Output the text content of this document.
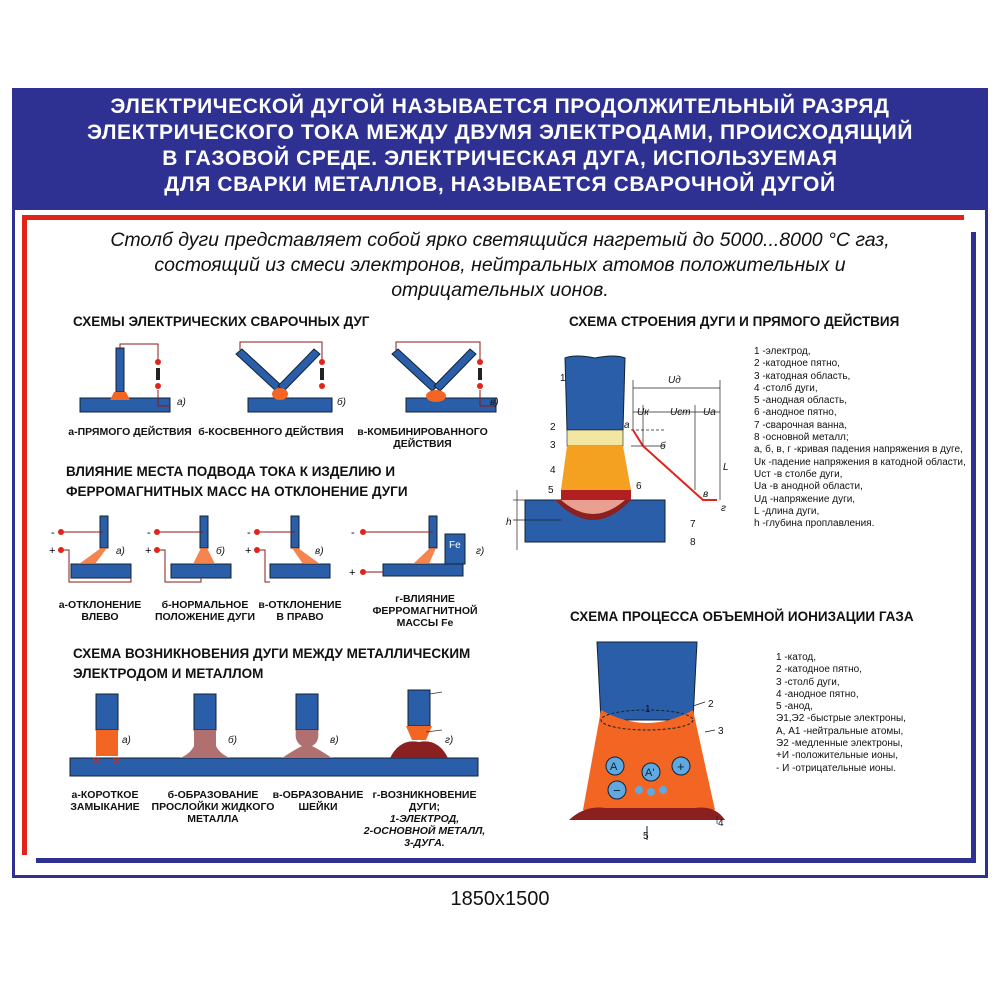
ЭЛЕКТРИЧЕСКОЙ ДУГОЙ НАЗЫВАЕТСЯ ПРОДОЛЖИТЕЛЬНЫЙ РАЗРЯД
ЭЛЕКТРИЧЕСКОГО ТОКА МЕЖДУ ДВУМЯ ЭЛЕКТРОДАМИ, ПРОИСХОДЯЩИЙ
В ГАЗОВОЙ СРЕДЕ. ЭЛЕКТРИЧЕСКАЯ ДУГА, ИСПОЛЬЗУЕМАЯ
ДЛЯ СВАРКИ МЕТАЛЛОВ, НАЗЫВАЕТСЯ СВАРОЧНОЙ ДУГОЙ
Столб дуги представляет собой ярко светящийся нагретый до 5000...8000 °С газ,
состоящий из смеси электронов, нейтральных атомов положительных и
отрицательных ионов.
СХЕМЫ ЭЛЕКТРИЧЕСКИХ СВАРОЧНЫХ ДУГ
а)	б)	в)
а-ПРЯМОГО ДЕЙСТВИЯ б-КОСВЕННОГО ДЕЙСТВИЯ в-КОМБИНИРОВАННОГО
ДЕЙСТВИЯ
ВЛИЯНИЕ МЕСТА ПОДВОДА ТОКА К ИЗДЕЛИЮ И
ФЕРРОМАГНИТНЫХ МАСС НА ОТКЛОНЕНИЕ ДУГИ
-
+
-
+
-
+
-
+
а)	б)	в)	г)
Fe
а-ОТКЛОНЕНИЕ
ВЛЕВО
б-НОРМАЛЬНОЕ
ПОЛОЖЕНИЕ ДУГИ
в-ОТКЛОНЕНИЕ
В ПРАВО
г-ВЛИЯНИЕ
ФЕРРОМАГНИТНОЙ
МАССЫ Fe
СХЕМА ВОЗНИКНОВЕНИЯ ДУГИ МЕЖДУ МЕТАЛЛИЧЕСКИМ
ЭЛЕКТРОДОМ И МЕТАЛЛОМ
✕ ✕
а)	б)	в)	г)
а-КОРОТКОЕ
ЗАМЫКАНИЕ
б-ОБРАЗОВАНИЕ
ПРОСЛОЙКИ ЖИДКОГО
МЕТАЛЛА
в-ОБРАЗОВАНИЕ
ШЕЙКИ
г-ВОЗНИКНОВЕНИЕ
ДУГИ;
1-ЭЛЕКТРОД,
2-ОСНОВНОЙ МЕТАЛЛ,
3-ДУГА.
СХЕМА СТРОЕНИЯ ДУГИ И ПРЯМОГО ДЕЙСТВИЯ
1
2
3
4
5	6
7
8
а
б
в
г
Uд
Uк Uст Uа
L
h
1 -электрод,
2 -катодное пятно,
3 -катодная область,
4 -столб дуги,
5 -анодная область,
6 -анодное пятно,
7 -сварочная ванна,
8 -основной металл;
а, б, в, г -кривая падения напряжения в дуге,
Uк -падение напряжения в катодной области,
Uст -в столбе дуги,
Uа -в анодной области,
Uд -напряжение дуги,
L -длина дуги,
h -глубина проплавления.
СХЕМА ПРОЦЕССА ОБЪЕМНОЙ ИОНИЗАЦИИ ГАЗА
A	A' +
−
1	2
3
4
5
1 -катод,
2 -катодное пятно,
3 -столб дуги,
4 -анодное пятно,
5 -анод,
Э1,Э2 -быстрые электроны,
А, А1 -нейтральные атомы,
Э2 -медленные электроны,
+И -положительные ионы,
- И -отрицательные ионы.
1850x1500
